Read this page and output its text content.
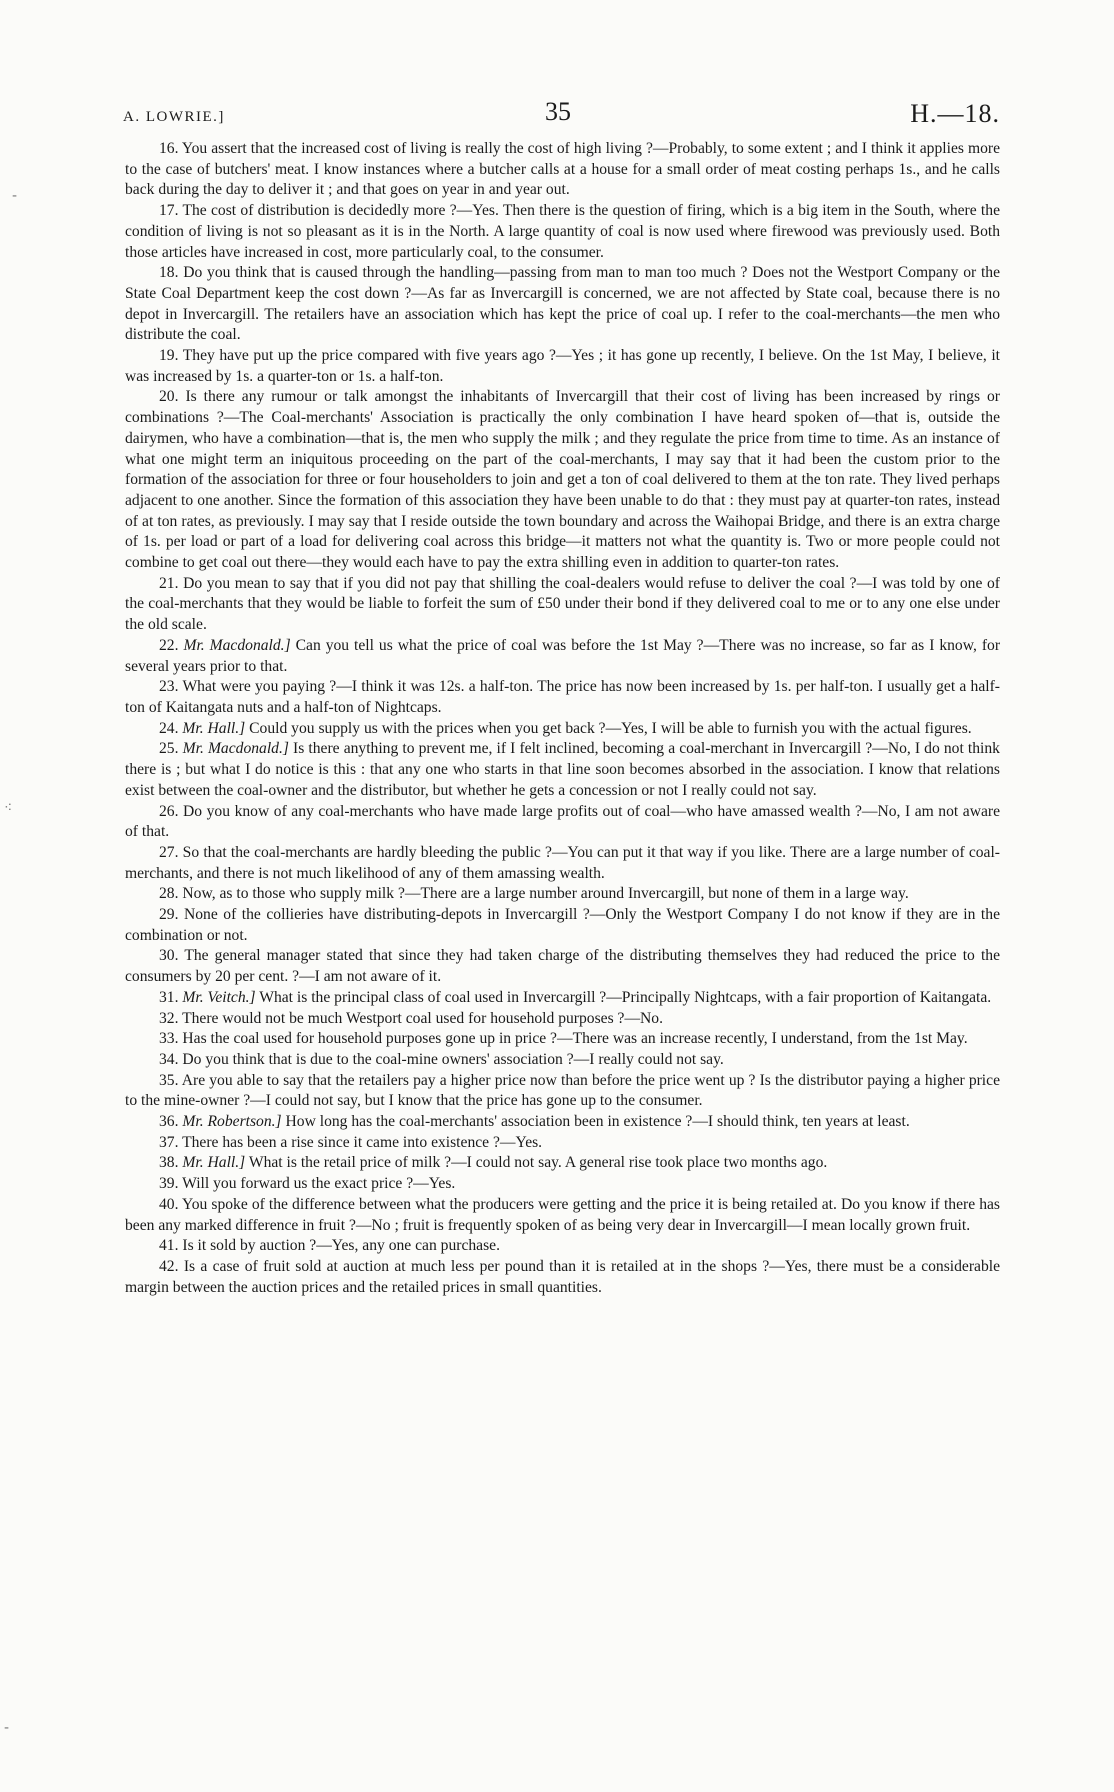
A. LOWRIE.]	35	H.—18.

16. You assert that the increased cost of living is really the cost of high living ?—Probably, to some extent ; and I think it applies more to the case of butchers' meat. I know instances where a butcher calls at a house for a small order of meat costing perhaps 1s., and he calls back during the day to deliver it ; and that goes on year in and year out.

17. The cost of distribution is decidedly more ?—Yes. Then there is the question of firing, which is a big item in the South, where the condition of living is not so pleasant as it is in the North. A large quantity of coal is now used where firewood was previously used. Both those articles have increased in cost, more particularly coal, to the consumer.

18. Do you think that is caused through the handling—passing from man to man too much ? Does not the Westport Company or the State Coal Department keep the cost down ?—As far as Invercargill is concerned, we are not affected by State coal, because there is no depot in Invercargill. The retailers have an association which has kept the price of coal up. I refer to the coal-merchants—the men who distribute the coal.

19. They have put up the price compared with five years ago ?—Yes ; it has gone up recently, I believe. On the 1st May, I believe, it was increased by 1s. a quarter-ton or 1s. a half-ton.

20. Is there any rumour or talk amongst the inhabitants of Invercargill that their cost of living has been increased by rings or combinations ?—The Coal-merchants' Association is practically the only combination I have heard spoken of—that is, outside the dairymen, who have a combination—that is, the men who supply the milk ; and they regulate the price from time to time. As an instance of what one might term an iniquitous proceeding on the part of the coal-merchants, I may say that it had been the custom prior to the formation of the association for three or four householders to join and get a ton of coal delivered to them at the ton rate. They lived perhaps adjacent to one another. Since the formation of this association they have been unable to do that : they must pay at quarter-ton rates, instead of at ton rates, as previously. I may say that I reside outside the town boundary and across the Waihopai Bridge, and there is an extra charge of 1s. per load or part of a load for delivering coal across this bridge—it matters not what the quantity is. Two or more people could not combine to get coal out there—they would each have to pay the extra shilling even in addition to quarter-ton rates.

21. Do you mean to say that if you did not pay that shilling the coal-dealers would refuse to deliver the coal ?—I was told by one of the coal-merchants that they would be liable to forfeit the sum of £50 under their bond if they delivered coal to me or to any one else under the old scale.

22. Mr. Macdonald.] Can you tell us what the price of coal was before the 1st May ?—There was no increase, so far as I know, for several years prior to that.

23. What were you paying ?—I think it was 12s. a half-ton. The price has now been increased by 1s. per half-ton. I usually get a half-ton of Kaitangata nuts and a half-ton of Nightcaps.

24. Mr. Hall.] Could you supply us with the prices when you get back ?—Yes, I will be able to furnish you with the actual figures.

25. Mr. Macdonald.] Is there anything to prevent me, if I felt inclined, becoming a coal-merchant in Invercargill ?—No, I do not think there is ; but what I do notice is this : that any one who starts in that line soon becomes absorbed in the association. I know that relations exist between the coal-owner and the distributor, but whether he gets a concession or not I really could not say.

26. Do you know of any coal-merchants who have made large profits out of coal—who have amassed wealth ?—No, I am not aware of that.

27. So that the coal-merchants are hardly bleeding the public ?—You can put it that way if you like. There are a large number of coal-merchants, and there is not much likelihood of any of them amassing wealth.

28. Now, as to those who supply milk ?—There are a large number around Invercargill, but none of them in a large way.

29. None of the collieries have distributing-depots in Invercargill ?—Only the Westport Company I do not know if they are in the combination or not.

30. The general manager stated that since they had taken charge of the distributing themselves they had reduced the price to the consumers by 20 per cent. ?—I am not aware of it.

31. Mr. Veitch.] What is the principal class of coal used in Invercargill ?—Principally Nightcaps, with a fair proportion of Kaitangata.

32. There would not be much Westport coal used for household purposes ?—No.

33. Has the coal used for household purposes gone up in price ?—There was an increase recently, I understand, from the 1st May.

34. Do you think that is due to the coal-mine owners' association ?—I really could not say.

35. Are you able to say that the retailers pay a higher price now than before the price went up ? Is the distributor paying a higher price to the mine-owner ?—I could not say, but I know that the price has gone up to the consumer.

36. Mr. Robertson.] How long has the coal-merchants' association been in existence ?—I should think, ten years at least.

37. There has been a rise since it came into existence ?—Yes.

38. Mr. Hall.] What is the retail price of milk ?—I could not say. A general rise took place two months ago.

39. Will you forward us the exact price ?—Yes.

40. You spoke of the difference between what the producers were getting and the price it is being retailed at. Do you know if there has been any marked difference in fruit ?—No ; fruit is frequently spoken of as being very dear in Invercargill—I mean locally grown fruit.

41. Is it sold by auction ?—Yes, any one can purchase.

42. Is a case of fruit sold at auction at much less per pound than it is retailed at in the shops ?—Yes, there must be a considerable margin between the auction prices and the retailed prices in small quantities.

-
⁖
-
